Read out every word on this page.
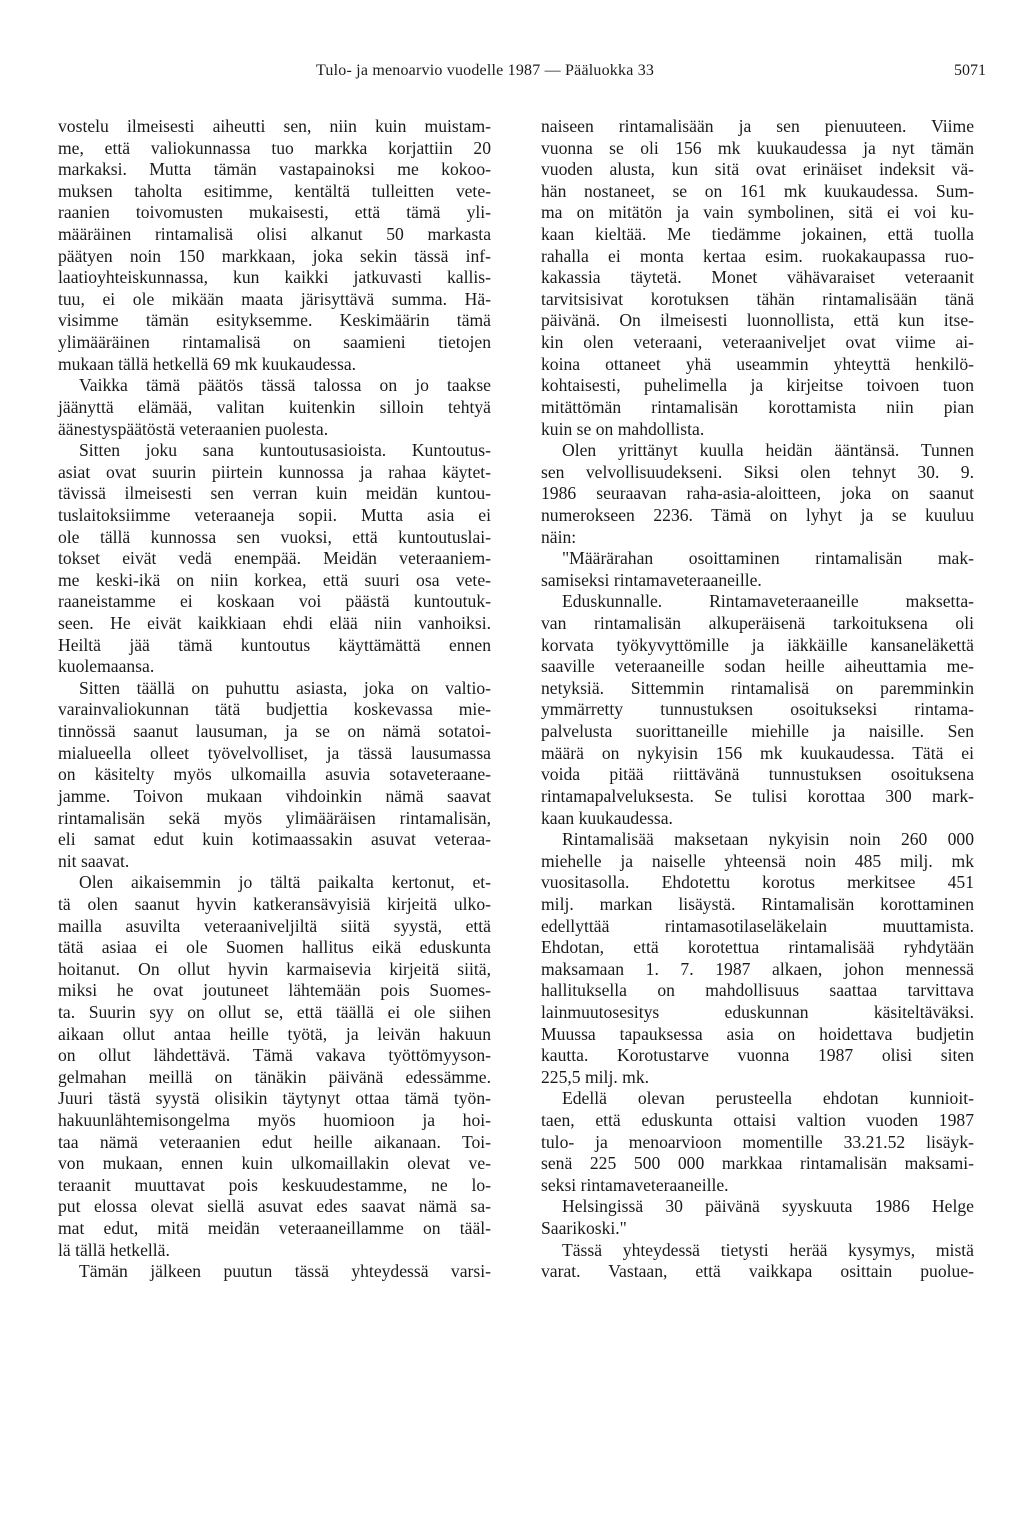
Tulo- ja menoarvio vuodelle 1987 — Pääluokka 33	5071
vostelu ilmeisesti aiheutti sen, niin kuin muistam-
me, että valiokunnassa tuo markka korjattiin 20
markaksi. Mutta tämän vastapainoksi me kokoo-
muksen taholta esitimme, kentältä tulleitten vete-
raanien toivomusten mukaisesti, että tämä yli-
määräinen rintamalisä olisi alkanut 50 markasta
päätyen noin 150 markkaan, joka sekin tässä inf-
laatioyhteiskunnassa, kun kaikki jatkuvasti kallis-
tuu, ei ole mikään maata järisyttävä summa. Hä-
visimme tämän esityksemme. Keskimäärin tämä
ylimääräinen rintamalisä on saamieni tietojen
mukaan tällä hetkellä 69 mk kuukaudessa.
Vaikka tämä päätös tässä talossa on jo taakse
jäänyttä elämää, valitan kuitenkin silloin tehtyä
äänestyspäätöstä veteraanien puolesta.
Sitten joku sana kuntoutusasioista. Kuntoutus-
asiat ovat suurin piirtein kunnossa ja rahaa käytet-
tävissä ilmeisesti sen verran kuin meidän kuntou-
tuslaitoksiimme veteraaneja sopii. Mutta asia ei
ole tällä kunnossa sen vuoksi, että kuntoutuslai-
tokset eivät vedä enempää. Meidän veteraaniem-
me keski-ikä on niin korkea, että suuri osa vete-
raaneistamme ei koskaan voi päästä kuntoutuk-
seen. He eivät kaikkiaan ehdi elää niin vanhoiksi.
Heiltä jää tämä kuntoutus käyttämättä ennen
kuolemaansa.
Sitten täällä on puhuttu asiasta, joka on valtio-
varainvaliokunnan tätä budjettia koskevassa mie-
tinnössä saanut lausuman, ja se on nämä sotatoi-
mialueella olleet työvelvolliset, ja tässä lausumassa
on käsitelty myös ulkomailla asuvia sotaveteraane-
jamme. Toivon mukaan vihdoinkin nämä saavat
rintamalisän sekä myös ylimääräisen rintamalisän,
eli samat edut kuin kotimaassakin asuvat veteraa-
nit saavat.
Olen aikaisemmin jo tältä paikalta kertonut, et-
tä olen saanut hyvin katkeransävyisiä kirjeitä ulko-
mailla asuvilta veteraaniveljiltä siitä syystä, että
tätä asiaa ei ole Suomen hallitus eikä eduskunta
hoitanut. On ollut hyvin karmaisevia kirjeitä siitä,
miksi he ovat joutuneet lähtemään pois Suomes-
ta. Suurin syy on ollut se, että täällä ei ole siihen
aikaan ollut antaa heille työtä, ja leivän hakuun
on ollut lähdettävä. Tämä vakava työttömyyson-
gelmahan meillä on tänäkin päivänä edessämme.
Juuri tästä syystä olisikin täytynyt ottaa tämä työn-
hakuunlähtemisongelma myös huomioon ja hoi-
taa nämä veteraanien edut heille aikanaan. Toi-
von mukaan, ennen kuin ulkomaillakin olevat ve-
teraanit muuttavat pois keskuudestamme, ne lo-
put elossa olevat siellä asuvat edes saavat nämä sa-
mat edut, mitä meidän veteraaneillamme on tääl-
lä tällä hetkellä.
Tämän jälkeen puutun tässä yhteydessä varsi-
naiseen rintamalisään ja sen pienuuteen. Viime
vuonna se oli 156 mk kuukaudessa ja nyt tämän
vuoden alusta, kun sitä ovat erinäiset indeksit vä-
hän nostaneet, se on 161 mk kuukaudessa. Sum-
ma on mitätön ja vain symbolinen, sitä ei voi ku-
kaan kieltää. Me tiedämme jokainen, että tuolla
rahalla ei monta kertaa esim. ruokakaupassa ruo-
kakassia täytetä. Monet vähävaraiset veteraanit
tarvitsisivat korotuksen tähän rintamalisään tänä
päivänä. On ilmeisesti luonnollista, että kun itse-
kin olen veteraani, veteraaniveljet ovat viime ai-
koina ottaneet yhä useammin yhteyttä henkilö-
kohtaisesti, puhelimella ja kirjeitse toivoen tuon
mitättömän rintamalisän korottamista niin pian
kuin se on mahdollista.
Olen yrittänyt kuulla heidän ääntänsä. Tunnen
sen velvollisuudekseni. Siksi olen tehnyt 30. 9.
1986 seuraavan raha-asia-aloitteen, joka on saanut
numerokseen 2236. Tämä on lyhyt ja se kuuluu
näin:
"Määrärahan osoittaminen rintamalisän mak-
samiseksi rintamaveteraaneille.
Eduskunnalle. Rintamaveteraaneille maksetta-
van rintamalisän alkuperäisenä tarkoituksena oli
korvata työkyvyttömille ja iäkkäille kansaneläkettä
saaville veteraaneille sodan heille aiheuttamia me-
netyksiä. Sittemmin rintamalisä on paremminkin
ymmärretty tunnustuksen osoitukseksi rintama-
palvelusta suorittaneille miehille ja naisille. Sen
määrä on nykyisin 156 mk kuukaudessa. Tätä ei
voida pitää riittävänä tunnustuksen osoituksena
rintamapalveluksesta. Se tulisi korottaa 300 mark-
kaan kuukaudessa.
Rintamalisää maksetaan nykyisin noin 260 000
miehelle ja naiselle yhteensä noin 485 milj. mk
vuositasolla. Ehdotettu korotus merkitsee 451
milj. markan lisäystä. Rintamalisän korottaminen
edellyttää rintamasotilaseläkelain muuttamista.
Ehdotan, että korotettua rintamalisää ryhdytään
maksamaan 1. 7. 1987 alkaen, johon mennessä
hallituksella on mahdollisuus saattaa tarvittava
lainmuutosesitys eduskunnan käsiteltäväksi.
Muussa tapauksessa asia on hoidettava budjetin
kautta. Korotustarve vuonna 1987 olisi siten
225,5 milj. mk.
Edellä olevan perusteella ehdotan kunnioit-
taen, että eduskunta ottaisi valtion vuoden 1987
tulo- ja menoarvioon momentille 33.21.52 lisäyk-
senä 225 500 000 markkaa rintamalisän maksami-
seksi rintamaveteraaneille.
Helsingissä 30 päivänä syyskuuta 1986 Helge
Saarikoski."
Tässä yhteydessä tietysti herää kysymys, mistä
varat. Vastaan, että vaikkapa osittain puolue-
